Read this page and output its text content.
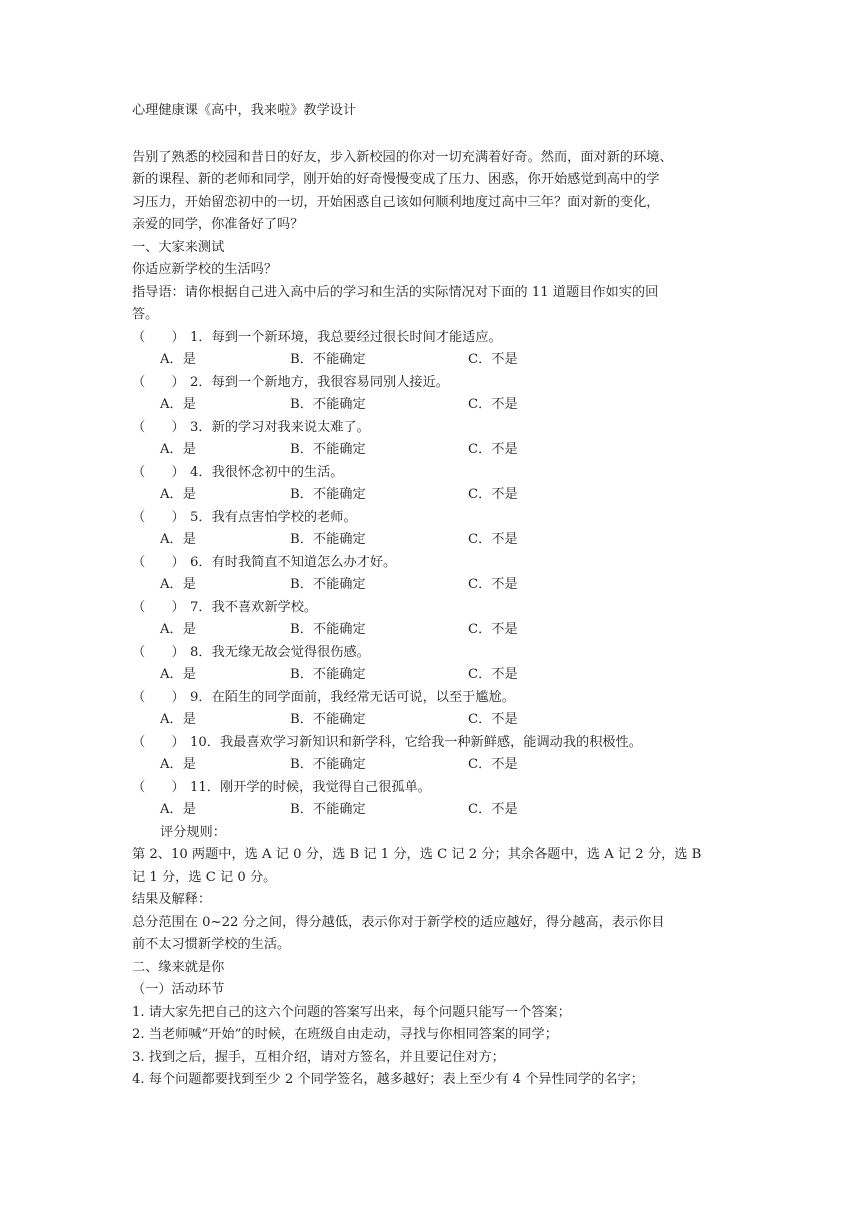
心理健康课《高中，我来啦》教学设计

告别了熟悉的校园和昔日的好友，步入新校园的你对一切充满着好奇。然而，面对新的环境、
新的课程、新的老师和同学，刚开始的好奇慢慢变成了压力、困惑，你开始感觉到高中的学
习压力，开始留恋初中的一切，开始困惑自己该如何顺利地度过高中三年？面对新的变化，
亲爱的同学，你准备好了吗？

一、大家来测试
你适应新学校的生活吗？
指导语：请你根据自己进入高中后的学习和生活的实际情况对下面的 11 道题目作如实的回
答。
（　　） 1．每到一个新环境，我总要经过很长时间才能适应。
A．是	B．不能确定	C．不是
（　　） 2．每到一个新地方，我很容易同别人接近。
A．是	B．不能确定	C．不是
（　　） 3．新的学习对我来说太难了。
A．是	B．不能确定	C．不是
（　　） 4．我很怀念初中的生活。
A．是	B．不能确定	C．不是
（　　） 5．我有点害怕学校的老师。
A．是	B．不能确定	C．不是
（　　） 6．有时我简直不知道怎么办才好。
A．是	B．不能确定	C．不是
（　　） 7．我不喜欢新学校。
A．是	B．不能确定	C．不是
（　　） 8．我无缘无故会觉得很伤感。
A．是	B．不能确定	C．不是
（　　） 9．在陌生的同学面前，我经常无话可说，以至于尴尬。
A．是	B．不能确定	C．不是
（　　） 10．我最喜欢学习新知识和新学科，它给我一种新鲜感，能调动我的积极性。
A．是	B．不能确定	C．不是
（　　） 11．刚开学的时候，我觉得自己很孤单。
A．是	B．不能确定	C．不是
评分规则：
第 2、10 两题中，选 A 记 0 分，选 B 记 1 分，选 C 记 2 分；其余各题中，选 A 记 2 分，选 B
记 1 分，选 C 记 0 分。
结果及解释：
总分范围在 0~22 分之间，得分越低，表示你对于新学校的适应越好，得分越高，表示你目
前不太习惯新学校的生活。
二、缘来就是你
（一）活动环节
1. 请大家先把自己的这六个问题的答案写出来，每个问题只能写一个答案；
2. 当老师喊“开始”的时候，在班级自由走动，寻找与你相同答案的同学；
3. 找到之后，握手，互相介绍，请对方签名，并且要记住对方；
4. 每个问题都要找到至少 2 个同学签名，越多越好；表上至少有 4 个异性同学的名字；
